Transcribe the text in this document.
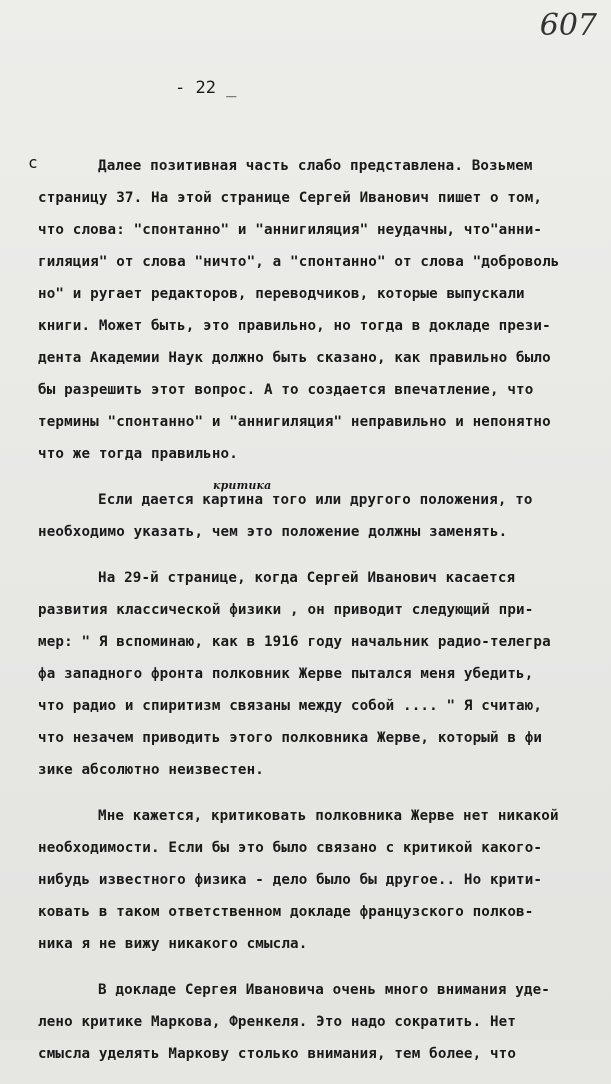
607
- 22 _
с	Далее позитивная часть слабо представлена. Возьмем
страницу 37. На этой странице Сергей Иванович пишет о том,
что слова: "спонтанно" и "аннигиляция" неудачны, что"анни-
гиляция" от слова "ничто", а "спонтанно" от слова "доброволь
но" и ругает редакторов, переводчиков, которые выпускали
книги. Может быть, это правильно, но тогда в докладе прези-
дента Академии Наук должно быть сказано, как правильно было
бы разрешить этот вопрос. А то создается впечатление, что
термины "спонтанно" и "аннигиляция" неправильно и непонятно
что же тогда правильно.
критика
Если дается картина того или другого положения, то
необходимо указать, чем это положение должны заменять.
На 29-й странице, когда Сергей Иванович касается
развития классической физики , он приводит следующий при-
мер: " Я вспоминаю, как в 1916 году начальник радио-телегра
фа западного фронта полковник Жерве пытался меня убедить,
что радио и спиритизм связаны между собой .... " Я считаю,
что незачем приводить этого полковника Жерве, который в фи
зике абсолютно неизвестен.
Мне кажется, критиковать полковника Жерве нет никакой
необходимости. Если бы это было связано с критикой какого-
нибудь известного физика - дело было бы другое.. Но крити-
ковать в таком ответственном докладе французского полков-
ника я не вижу никакого смысла.
В докладе Сергея Ивановича очень много внимания уде-
лено критике Маркова, Френкеля. Это надо сократить. Нет
смысла уделять Маркову столько внимания, тем более, что
